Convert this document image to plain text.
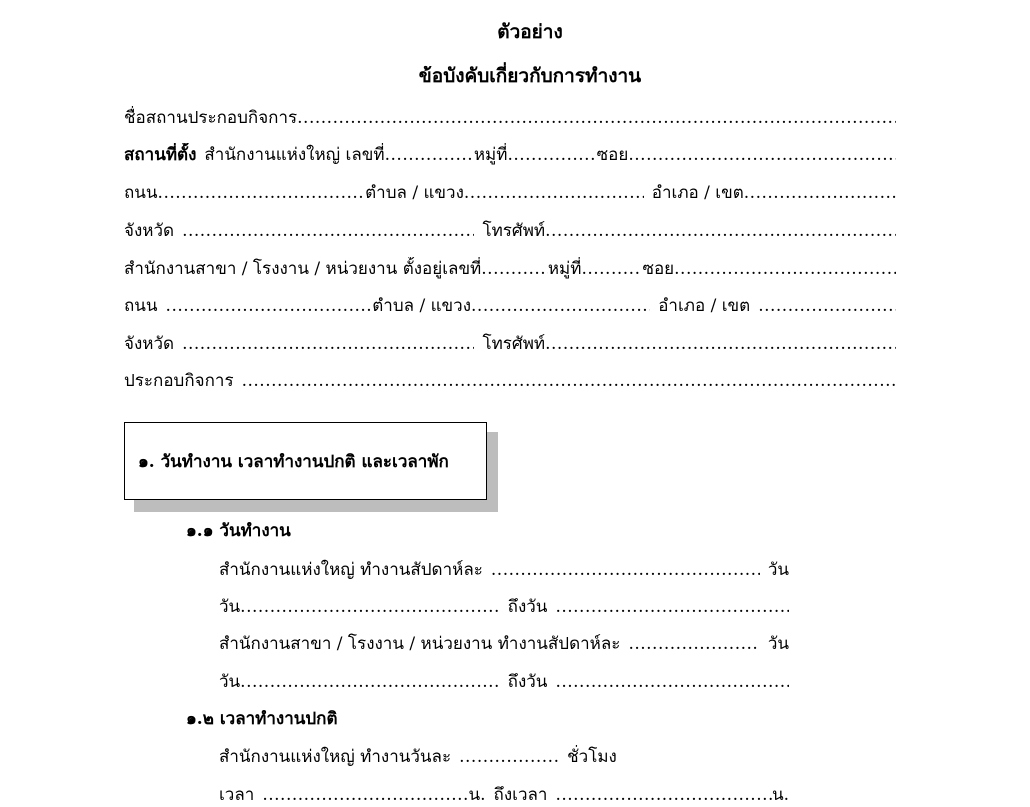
ตัวอย่าง
ข้อบังคับเกี่ยวกับการทำงาน
ชื่อสถานประกอบกิจการ
.....
สถานที่ตั้ง สำนักงานแห่งใหญ่ เลขที่ .....	หมู่ที่ .....	ซอย
.....
ถนน .....	ตำบล / แขวง .....	อำเภอ / เขต
.....
จังหวัด .....	โทรศัพท์
.....
สำนักงานสาขา / โรงงาน / หน่วยงาน ตั้งอยู่เลขที่ .....	หมู่ที่ .....	ซอย
.....
ถนน .....	ตำบล / แขวง .....	อำเภอ / เขต
.....
จังหวัด .....	โทรศัพท์
.....
ประกอบกิจการ
.....
๑. วันทำงาน เวลาทำงานปกติ และเวลาพัก
๑.๑ วันทำงาน
สำนักงานแห่งใหญ่ ทำงานสัปดาห์ละ .....	วัน
วัน .....	ถึงวัน
.....
สำนักงานสาขา / โรงงาน / หน่วยงาน ทำงานสัปดาห์ละ .....	วัน
วัน .....	ถึงวัน
.....
๑.๒ เวลาทำงานปกติ
สำนักงานแห่งใหญ่ ทำงานวันละ .....	ชั่วโมง
เวลา .....	น. ถึงเวลา .....	น.
